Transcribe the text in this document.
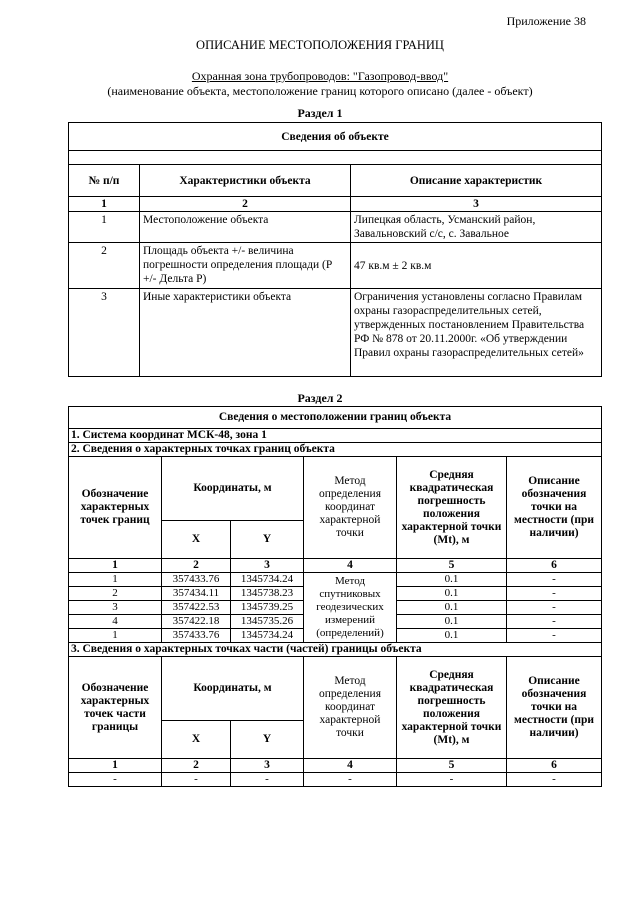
Приложение 38
ОПИСАНИЕ МЕСТОПОЛОЖЕНИЯ ГРАНИЦ
Охранная зона трубопроводов: "Газопровод-ввод"
(наименование объекта, местоположение границ которого описано (далее - объект)
Раздел 1
Сведения об объекте		

№ п/п	Характеристики объекта	Описание характеристик
1	2	3
1	Местоположение объекта	Липецкая область, Усманский район, Завальновский с/с, с. Завальное
2	Площадь объекта +/- величина погрешности определения площади (Р +/- Дельта Р)	47 кв.м ± 2 кв.м
3	Иные характеристики объекта	Ограничения установлены согласно Правилам охраны газораспределительных сетей, утвержденных постановлением Правительства РФ № 878 от 20.11.2000г. «Об утверждении Правил охраны газораспределительных сетей»
Раздел 2
Сведения о местоположении границ объекта					
1. Система координат МСК-48, зона 1					
2. Сведения о характерных точках границ объекта					
Обозначение характерных точек границ	Координаты, м		Метод определения координат характерной точки	Средняя квадратическая погрешность положения характерной точки (Mt), м	Описание обозначения точки на местности (при наличии)
	X	Y			
1	2	3	4	5	6
1	357433.76	1345734.24	Метод спутниковых геодезических измерений (определений)	0.1	-
2	357434.11	1345738.23		0.1	-
3	357422.53	1345739.25		0.1	-
4	357422.18	1345735.26		0.1	-
1	357433.76	1345734.24		0.1	-
3. Сведения о характерных точках части (частей) границы объекта					
Обозначение характерных точек части границы	Координаты, м		Метод определения координат характерной точки	Средняя квадратическая погрешность положения характерной точки (Mt), м	Описание обозначения точки на местности (при наличии)
	X	Y			
1	2	3	4	5	6
-	-	-	-	-	-
